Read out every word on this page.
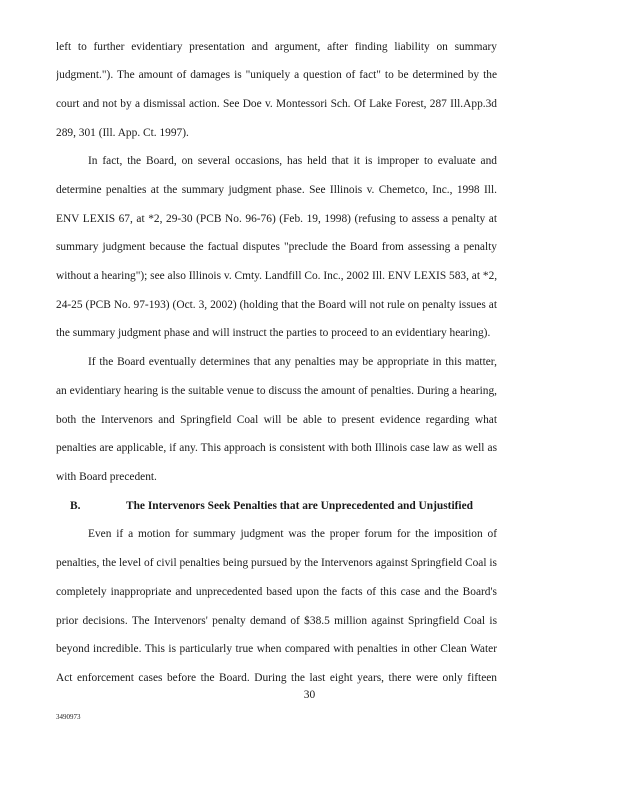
left to further evidentiary presentation and argument, after finding liability on summary
judgment."). The amount of damages is "uniquely a question of fact" to be determined by the
court and not by a dismissal action. See Doe v. Montessori Sch. Of Lake Forest, 287 Ill.App.3d
289, 301 (Ill. App. Ct. 1997).
In fact, the Board, on several occasions, has held that it is improper to evaluate and
determine penalties at the summary judgment phase. See Illinois v. Chemetco, Inc., 1998 Ill.
ENV LEXIS 67, at *2, 29-30 (PCB No. 96-76) (Feb. 19, 1998) (refusing to assess a penalty at
summary judgment because the factual disputes "preclude the Board from assessing a penalty
without a hearing"); see also Illinois v. Cmty. Landfill Co. Inc., 2002 Ill. ENV LEXIS 583, at *2,
24-25 (PCB No. 97-193) (Oct. 3, 2002) (holding that the Board will not rule on penalty issues at
the summary judgment phase and will instruct the parties to proceed to an evidentiary hearing).
If the Board eventually determines that any penalties may be appropriate in this matter,
an evidentiary hearing is the suitable venue to discuss the amount of penalties. During a hearing,
both the Intervenors and Springfield Coal will be able to present evidence regarding what
penalties are applicable, if any. This approach is consistent with both Illinois case law as well as
with Board precedent.
B.	The Intervenors Seek Penalties that are Unprecedented and Unjustified
Even if a motion for summary judgment was the proper forum for the imposition of
penalties, the level of civil penalties being pursued by the Intervenors against Springfield Coal is
completely inappropriate and unprecedented based upon the facts of this case and the Board's
prior decisions. The Intervenors' penalty demand of $38.5 million against Springfield Coal is
beyond incredible. This is particularly true when compared with penalties in other Clean Water
Act enforcement cases before the Board. During the last eight years, there were only fifteen
30
3490973
